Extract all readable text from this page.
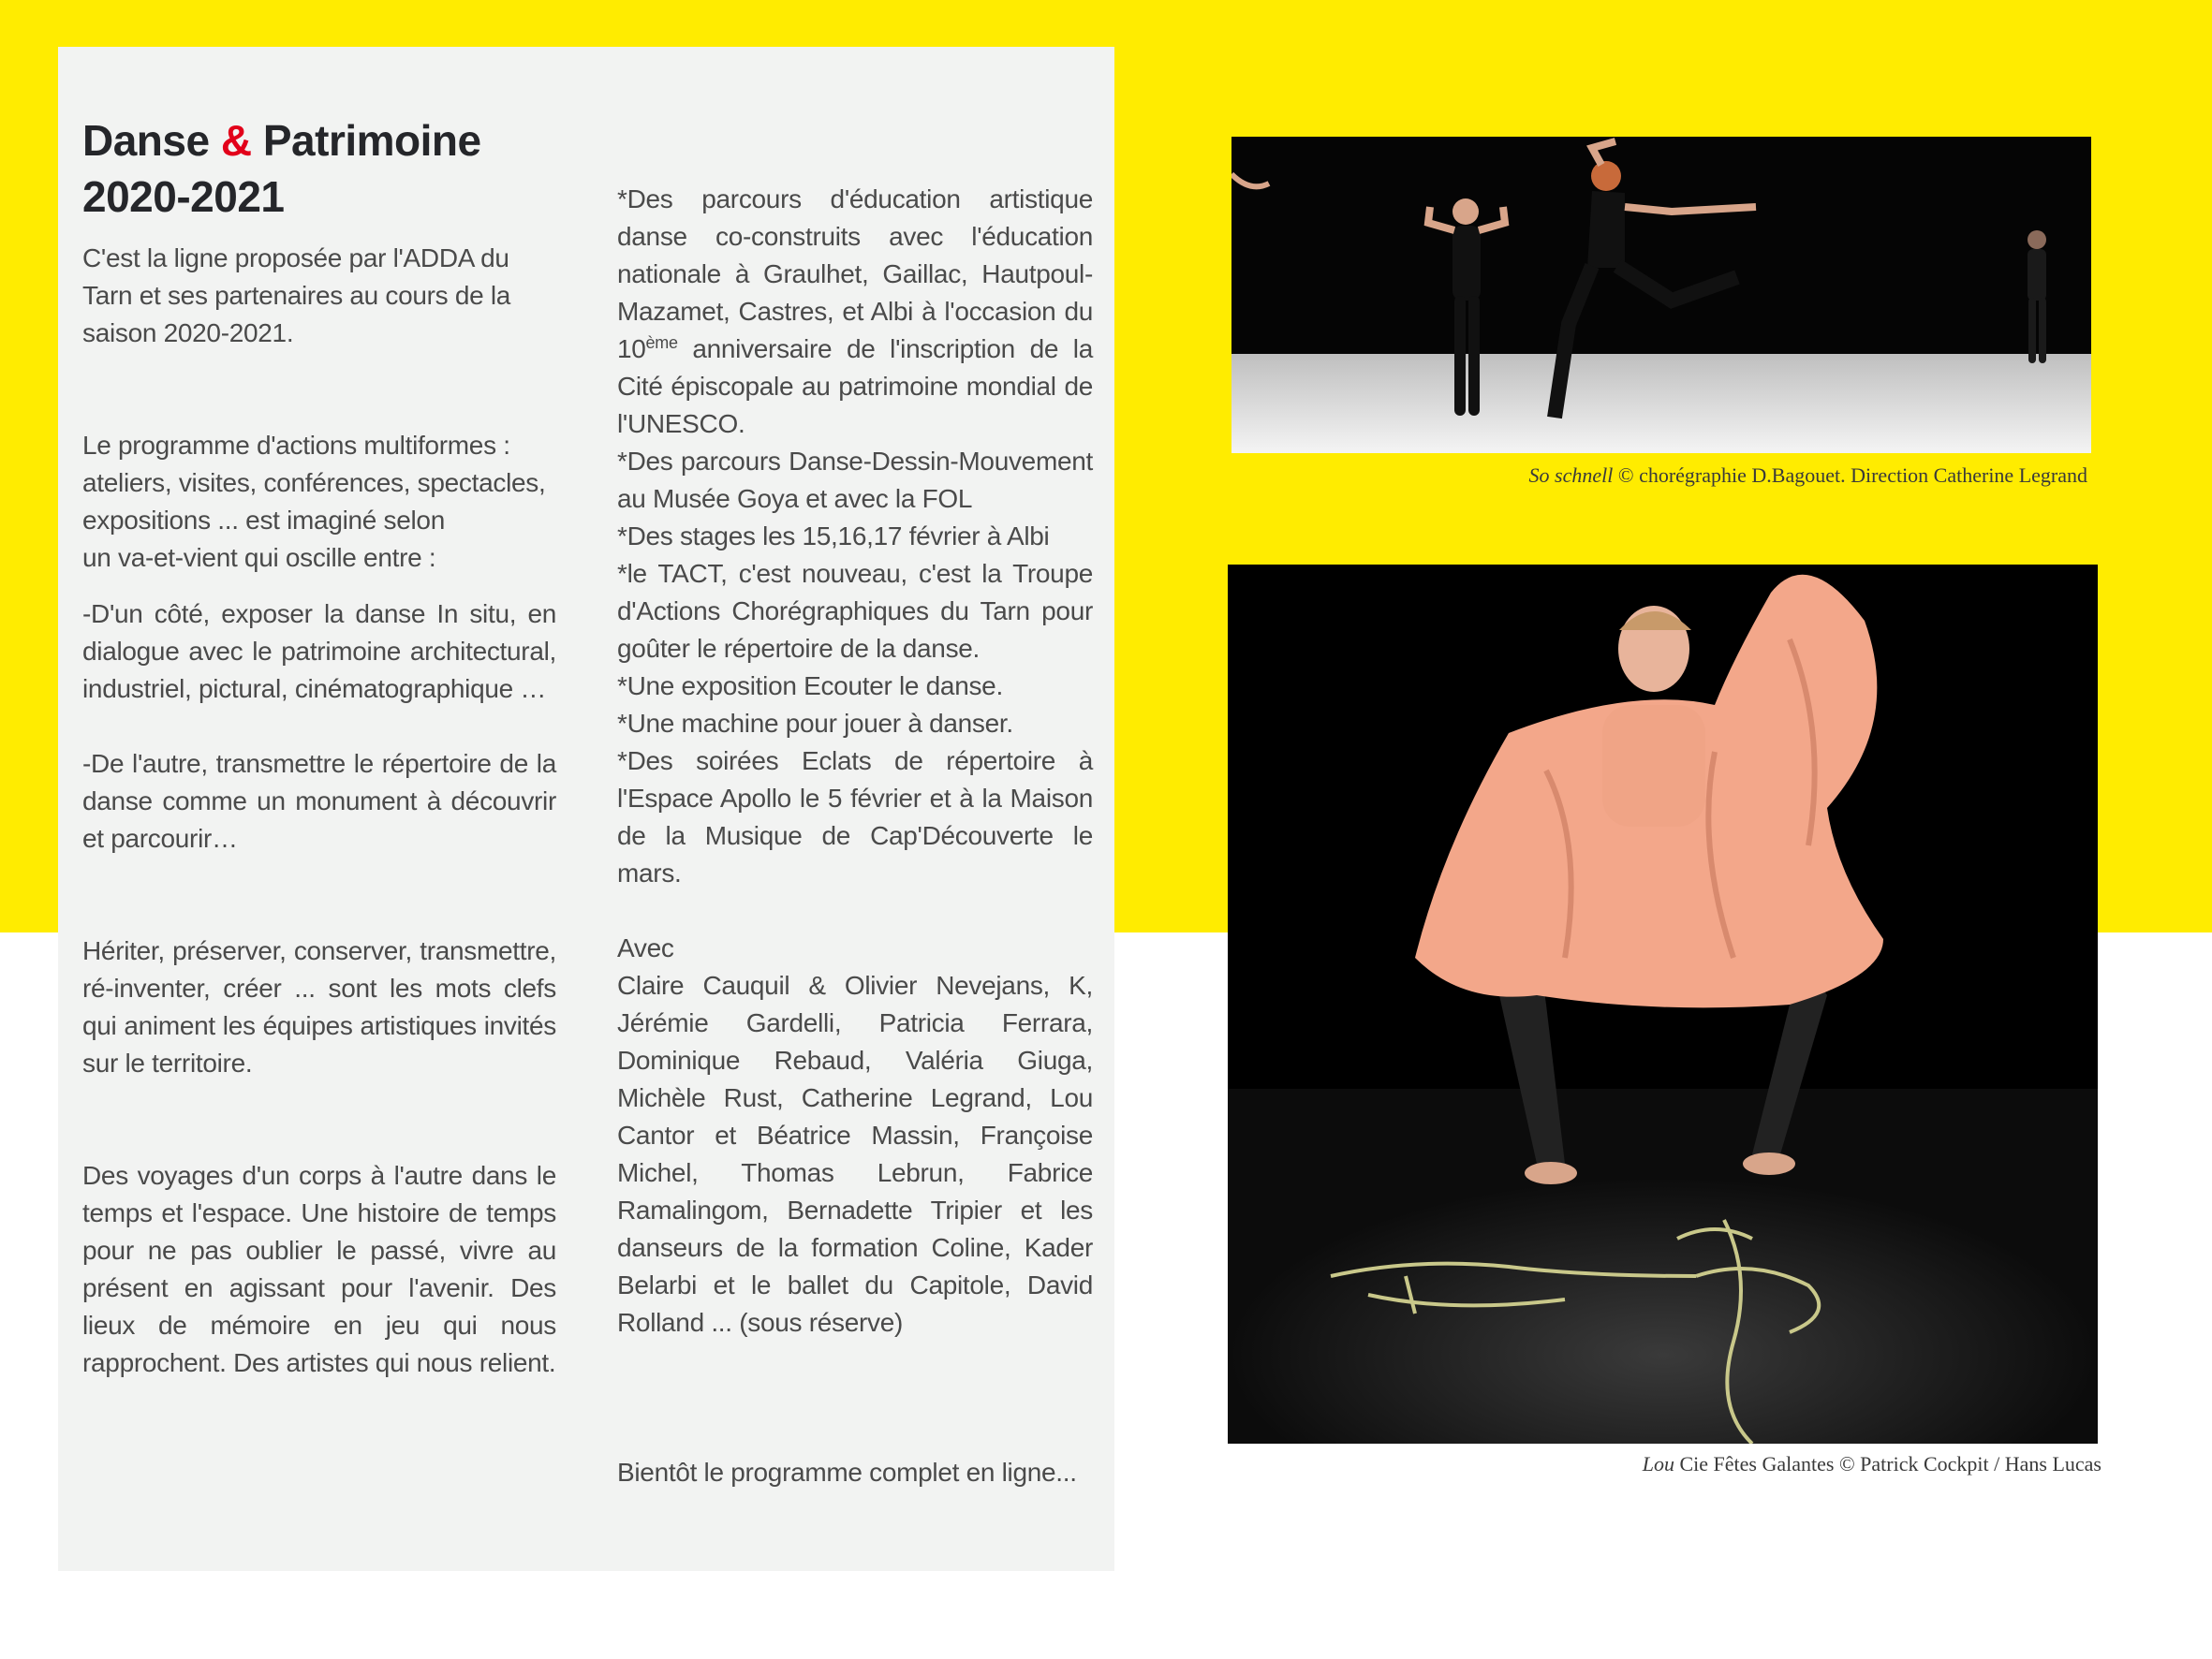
Danse & Patrimoine
2020-2021

C'est la ligne proposée par l'ADDA du Tarn et ses partenaires au cours de la saison 2020-2021.

Le programme d'actions multiformes :
ateliers, visites, conférences, spectacles,
expositions ... est imaginé selon
un va-et-vient qui oscille entre :

-D'un côté, exposer la danse In situ, en dialogue avec le patrimoine architectural, industriel, pictural, cinématographique …

-De l'autre, transmettre le répertoire de la danse comme un monument à découvrir et parcourir…

Hériter, préserver, conserver, transmettre, ré-inventer, créer ... sont les mots clefs qui animent les équipes artistiques invités sur le territoire.

Des voyages d'un corps à l'autre dans le temps et l'espace. Une histoire de temps pour ne pas oublier le passé, vivre au présent en agissant pour l'avenir. Des lieux de mémoire en jeu qui nous rapprochent. Des artistes qui nous relient.

*Des parcours d'éducation artistique danse co-construits avec l'éducation nationale à Graulhet, Gaillac, Hautpoul-Mazamet, Castres, et Albi à l'occasion du 10ème anniversaire de l'inscription de la Cité épiscopale au patrimoine mondial de l'UNESCO.

*Des parcours Danse-Dessin-Mouvement au Musée Goya et avec la FOL

*Des stages les 15,16,17 février à Albi

*le TACT, c'est nouveau, c'est la Troupe d'Actions Chorégraphiques du Tarn pour goûter le répertoire de la danse.

*Une exposition Ecouter le danse.

*Une machine pour jouer à danser.

*Des soirées Eclats de répertoire à l'Espace Apollo le 5 février et à la Maison de la Musique de Cap'Découverte le mars.

Avec

Claire Cauquil & Olivier Nevejans, K, Jérémie Gardelli, Patricia Ferrara, Dominique Rebaud, Valéria Giuga, Michèle Rust, Catherine Legrand, Lou Cantor et Béatrice Massin, Françoise Michel, Thomas Lebrun, Fabrice Ramalingom, Bernadette Tripier et les danseurs de la formation Coline, Kader Belarbi et le ballet du Capitole, David Rolland ... (sous réserve)

Bientôt le programme complet en ligne...

So schnell © chorégraphie D.Bagouet. Direction Catherine Legrand
Lou Cie Fêtes Galantes © Patrick Cockpit / Hans Lucas
